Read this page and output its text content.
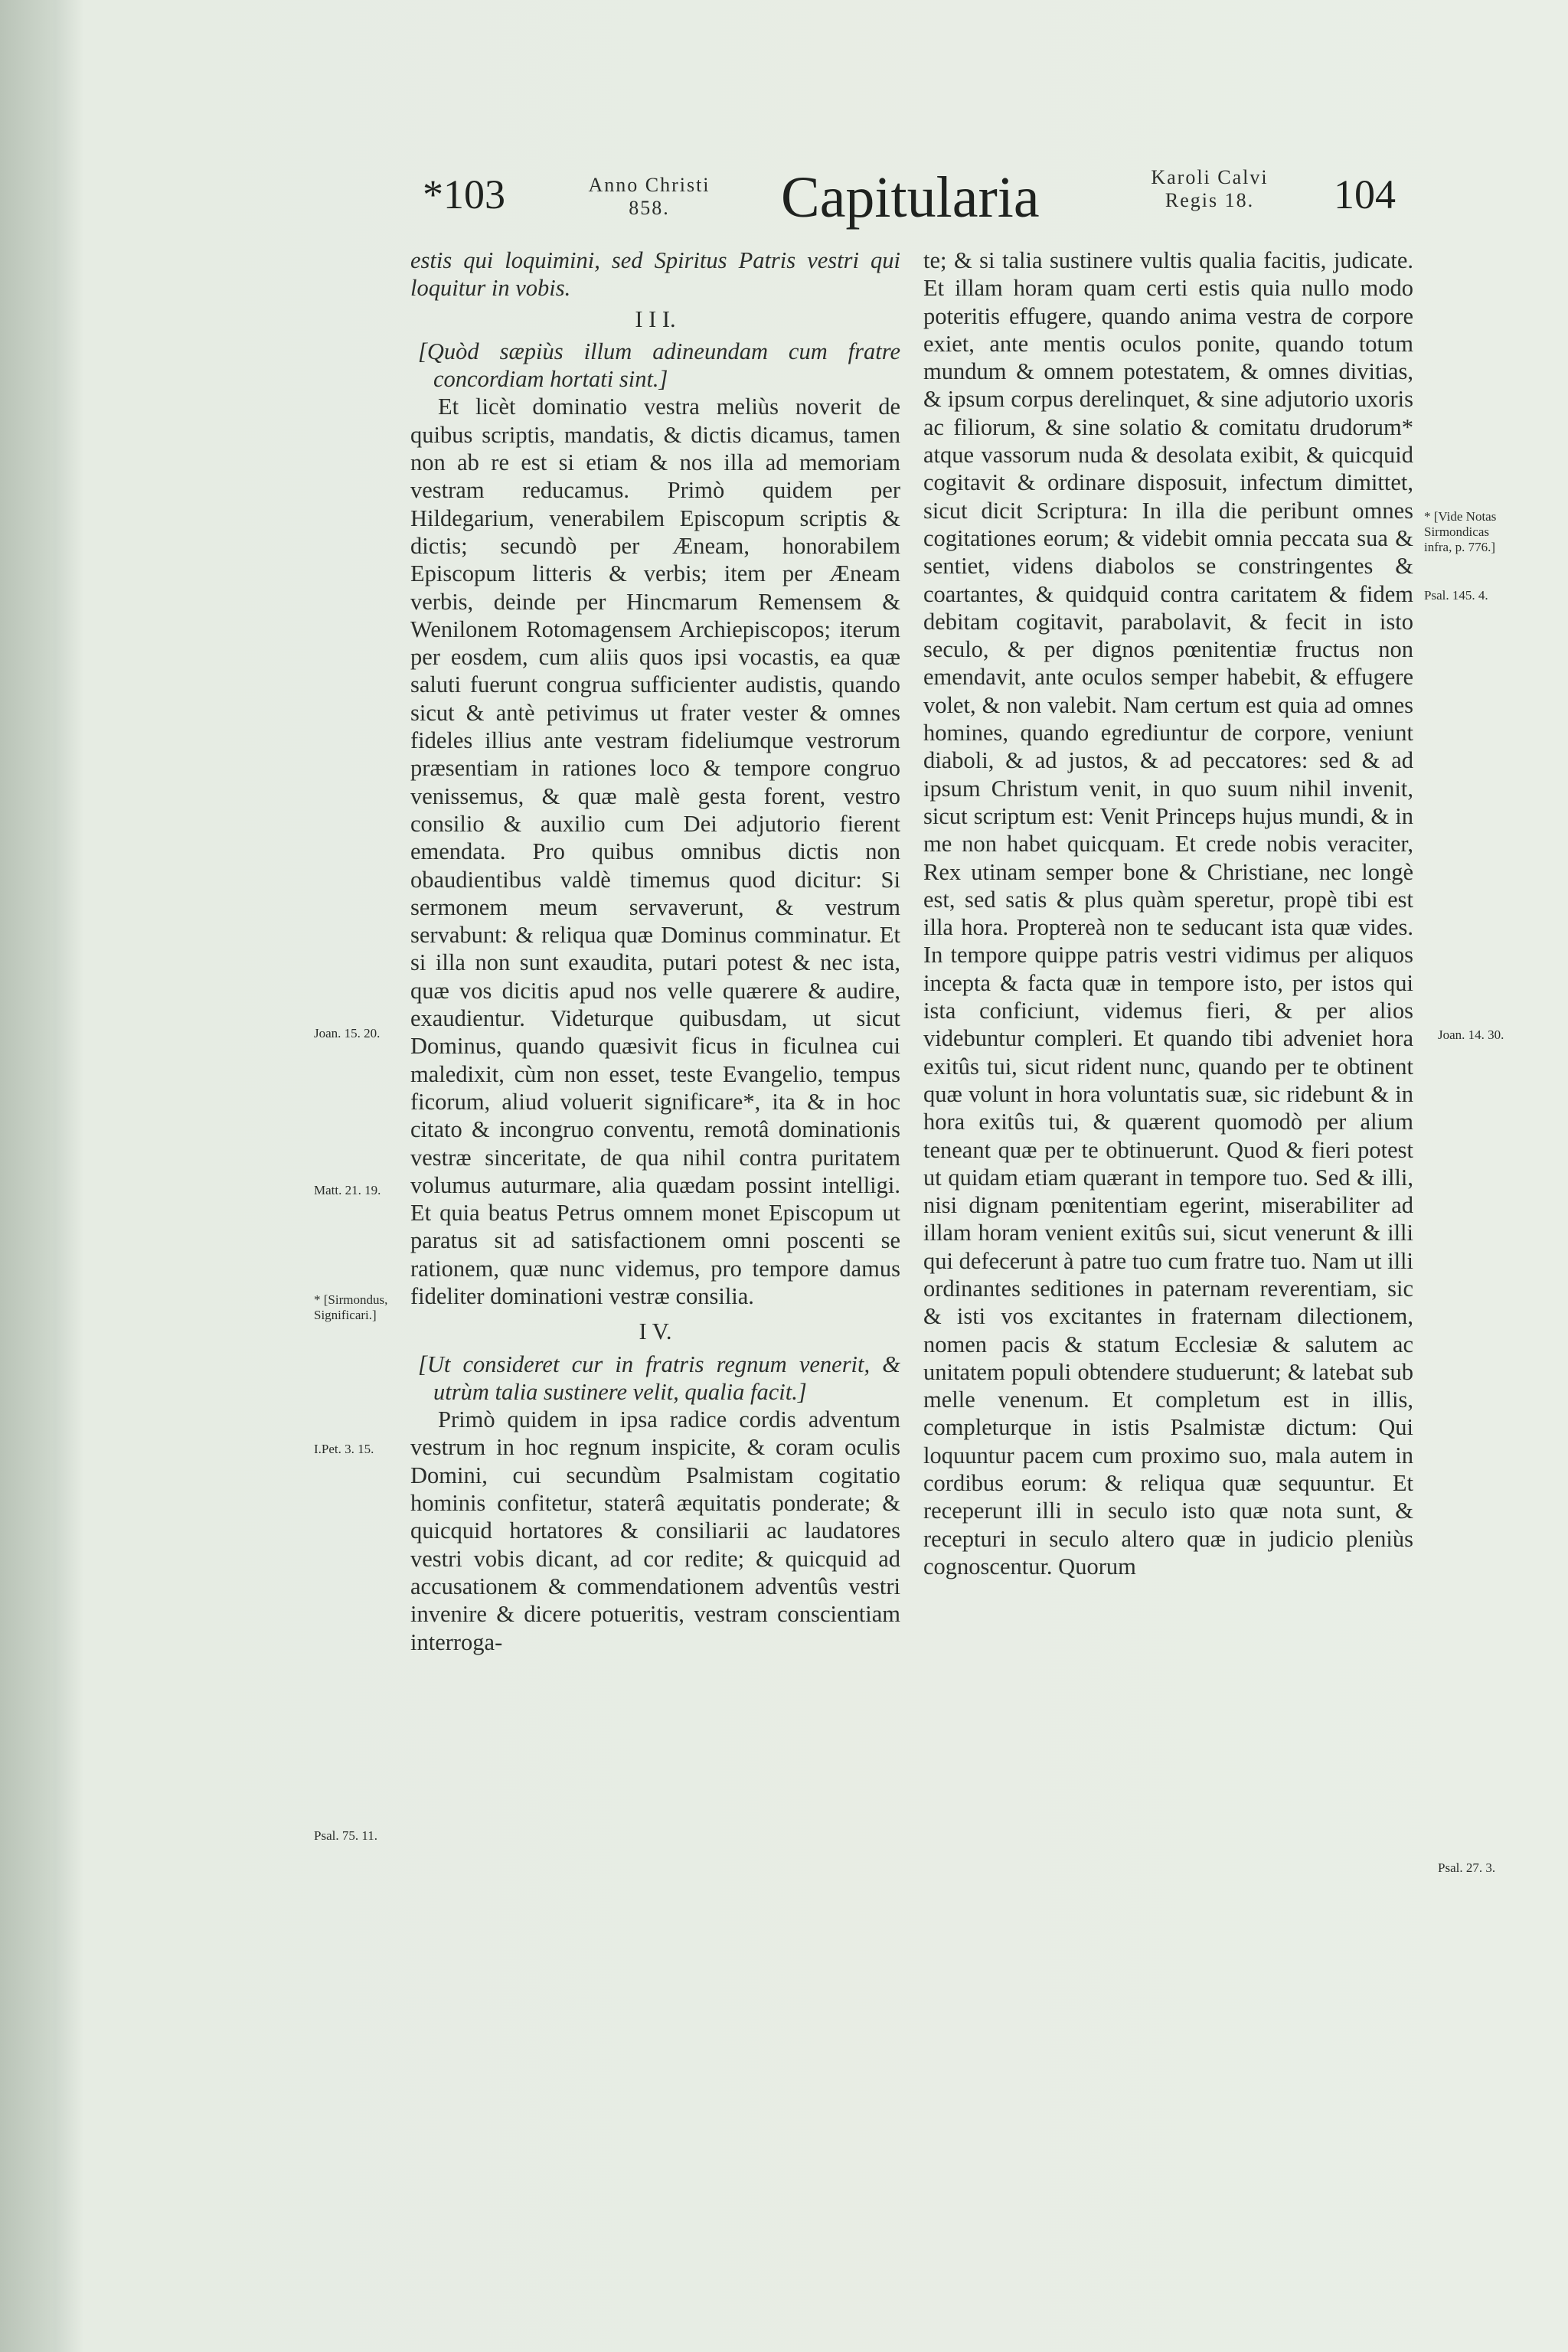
*103	Anno Christi
858.	Capitularia	Karoli Calvi
Regis 18.	104

estis qui loquimini, sed Spiritus Patris vestri qui loquitur in vobis.

I I I.

[Quòd sæpiùs illum adineundam cum fratre concordiam hortati sint.]

Et licèt dominatio vestra meliùs noverit de quibus scriptis, mandatis, & dictis dicamus, tamen non ab re est si etiam & nos illa ad memoriam vestram reducamus. Primò quidem per Hildegarium, venerabilem Episcopum scriptis & dictis; secundò per Æneam, honorabilem Episcopum litteris & verbis; item per Æneam verbis, deinde per Hincmarum Remensem & Wenilonem Rotomagensem Archiepiscopos; iterum per eosdem, cum aliis quos ipsi vocastis, ea quæ saluti fuerunt congrua sufficienter audistis, quando sicut & antè petivimus ut frater vester & omnes fideles illius ante vestram fideliumque vestrorum præsentiam in rationes loco & tempore congruo venissemus, & quæ malè gesta forent, vestro consilio & auxilio cum Dei adjutorio fierent emendata. Pro quibus omnibus dictis non obaudientibus valdè timemus quod dicitur: Si sermonem meum servaverunt, & vestrum servabunt: & reliqua quæ Dominus comminatur. Et si illa non sunt exaudita, putari potest & nec ista, quæ vos dicitis apud nos velle quærere & audire, exaudientur. Videturque quibusdam, ut sicut Dominus, quando quæsivit ficus in ficulnea cui maledixit, cùm non esset, teste Evangelio, tempus ficorum, aliud voluerit significare*, ita & in hoc citato & incongruo conventu, remotâ dominationis vestræ sinceritate, de qua nihil contra puritatem volumus auturmare, alia quædam possint intelligi. Et quia beatus Petrus omnem monet Episcopum ut paratus sit ad satisfactionem omni poscenti se rationem, quæ nunc videmus, pro tempore damus fideliter dominationi vestræ consilia.

I V.

[Ut consideret cur in fratris regnum venerit, & utrùm talia sustinere velit, qualia facit.]

Primò quidem in ipsa radice cordis adventum vestrum in hoc regnum inspicite, & coram oculis Domini, cui secundùm Psalmistam cogitatio hominis confitetur, staterâ æquitatis ponderate; & quicquid hortatores & consiliarii ac laudatores vestri vobis dicant, ad cor redite; & quicquid ad accusationem & commendationem adventûs vestri invenire & dicere potueritis, vestram conscientiam interroga-

te; & si talia sustinere vultis qualia facitis, judicate. Et illam horam quam certi estis quia nullo modo poteritis effugere, quando anima vestra de corpore exiet, ante mentis oculos ponite, quando totum mundum & omnem potestatem, & omnes divitias, & ipsum corpus derelinquet, & sine adjutorio uxoris ac filiorum, & sine solatio & comitatu drudorum* atque vassorum nuda & desolata exibit, & quicquid cogitavit & ordinare disposuit, infectum dimittet, sicut dicit Scriptura: In illa die peribunt omnes cogitationes eorum; & videbit omnia peccata sua & sentiet, videns diabolos se constringentes & coartantes, & quidquid contra caritatem & fidem debitam cogitavit, parabolavit, & fecit in isto seculo, & per dignos pœnitentiæ fructus non emendavit, ante oculos semper habebit, & effugere volet, & non valebit. Nam certum est quia ad omnes homines, quando egrediuntur de corpore, veniunt diaboli, & ad justos, & ad peccatores: sed & ad ipsum Christum venit, in quo suum nihil invenit, sicut scriptum est: Venit Princeps hujus mundi, & in me non habet quicquam. Et crede nobis veraciter, Rex utinam semper bone & Christiane, nec longè est, sed satis & plus quàm speretur, propè tibi est illa hora. Proptereà non te seducant ista quæ vides. In tempore quippe patris vestri vidimus per aliquos incepta & facta quæ in tempore isto, per istos qui ista conficiunt, videmus fieri, & per alios videbuntur compleri. Et quando tibi adveniet hora exitûs tui, sicut rident nunc, quando per te obtinent quæ volunt in hora voluntatis suæ, sic ridebunt & in hora exitûs tui, & quærent quomodò per alium teneant quæ per te obtinuerunt. Quod & fieri potest ut quidam etiam quærant in tempore tuo. Sed & illi, nisi dignam pœnitentiam egerint, miserabiliter ad illam horam venient exitûs sui, sicut venerunt & illi qui defecerunt à patre tuo cum fratre tuo. Nam ut illi ordinantes seditiones in paternam reverentiam, sic & isti vos excitantes in fraternam dilectionem, nomen pacis & statum Ecclesiæ & salutem ac unitatem populi obtendere studuerunt; & latebat sub melle venenum. Et completum est in illis, completurque in istis Psalmistæ dictum: Qui loquuntur pacem cum proximo suo, mala autem in cordibus eorum: & reliqua quæ sequuntur. Et receperunt illi in seculo isto quæ nota sunt, & recepturi in seculo altero quæ in judicio pleniùs cognoscentur. Quorum

Joan. 15. 20.
Matt. 21. 19.
* [Sirmondus, Significari.]
I.Pet. 3. 15.
Psal. 75. 11.
* [Vide Notas Sirmondicas infra, p. 776.]
Psal. 145. 4.
Joan. 14. 30.
Psal. 27. 3.
